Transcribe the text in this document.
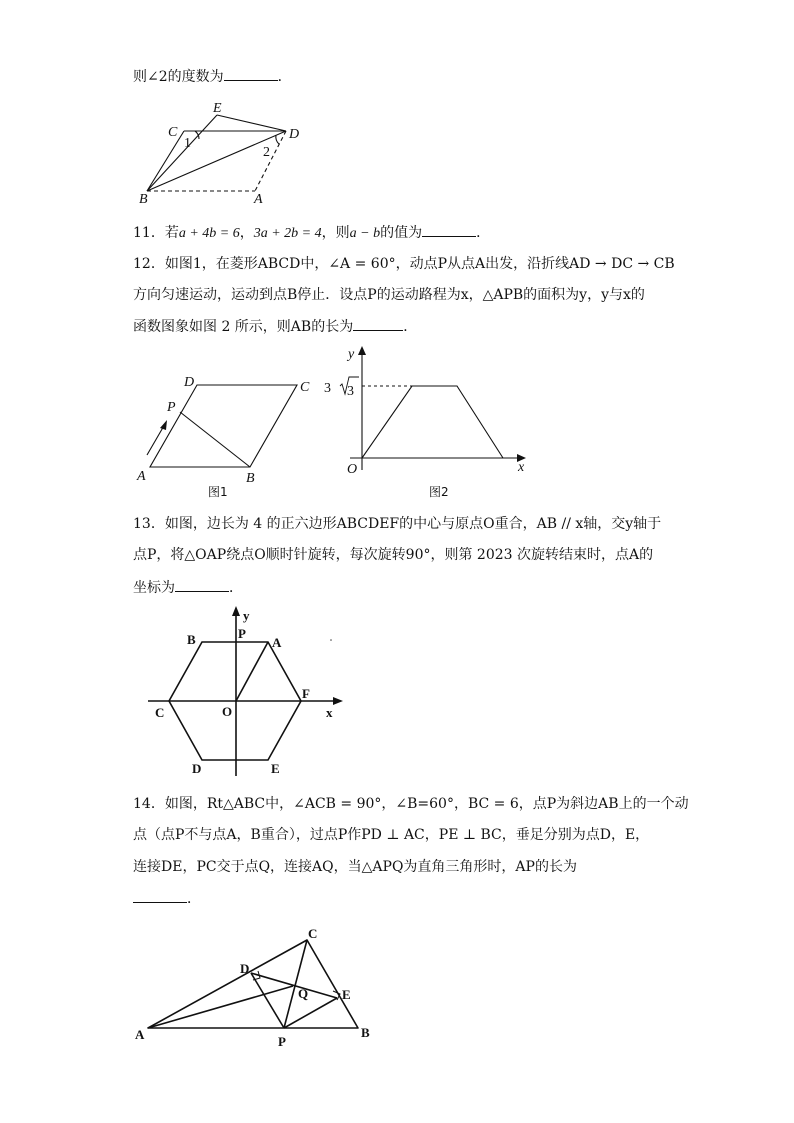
则∠2的度数为	．
E
C
1
D
2
B	A
11．若a + 4b = 6，3a + 2b = 4，则a − b的值为	．
12．如图1，在菱形ABCD中，∠A = 60°，动点P从点A出发，沿折线AD → DC → CB
方向匀速运动，运动到点B停止．设点P的运动路程为x，△APB的面积为y，y与x的
函数图象如图 2 所示，则AB的长为	．
D	C
P
A	B
图1
y
3 3
O	x
图2
13．如图，边长为 4 的正六边形ABCDEF的中心与原点O重合，AB // x轴，交y轴于
点P，将△OAP绕点O顺时针旋转，每次旋转90°，则第 2023 次旋转结束时，点A的
坐标为	．
y
B	P
A
C	O
F
x
D	E
14．如图，Rt△ABC中，∠ACB = 90°，∠B=60°，BC = 6，点P为斜边AB上的一个动
点（点P不与点A，B重合），过点P作PD ⊥ AC，PE ⊥ BC，垂足分别为点D，E，
连接DE，PC交于点Q，连接AQ，当△APQ为直角三角形时，AP的长为
．
C
D
Q	E
A	P
B
